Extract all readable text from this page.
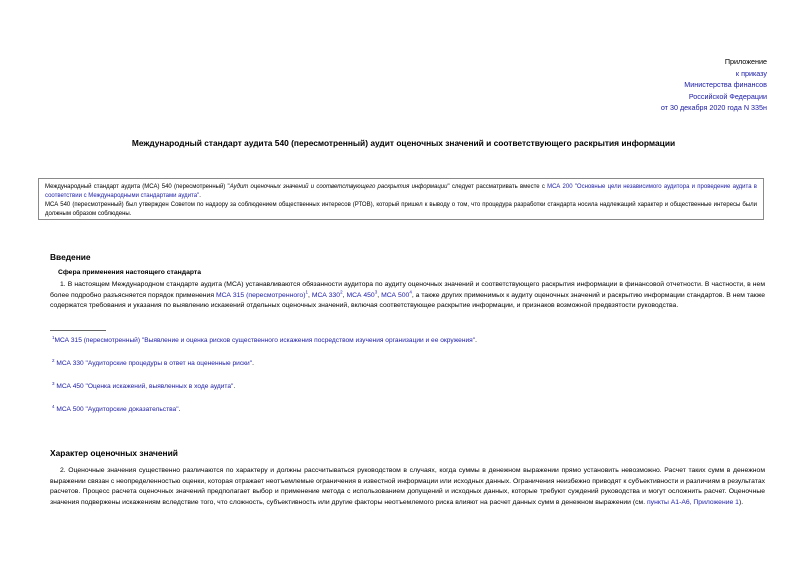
Приложение
к приказу
Министерства финансов
Российской Федерации
от 30 декабря 2020 года N 335н
Международный стандарт аудита 540 (пересмотренный) аудит оценочных значений и соответствующего раскрытия информации

Международный стандарт аудита (МСА) 540 (пересмотренный) "Аудит оценочных значений и соответствующего раскрытия информации" следует рассматривать вместе с МСА 200 "Основные цели независимого аудитора и проведение аудита в соответствии с Международными стандартами аудита".

МСА 540 (пересмотренный) был утвержден Советом по надзору за соблюдением общественных интересов (РТОВ), который пришел к выводу о том, что процедура разработки стандарта носила надлежащий характер и общественные интересы были должным образом соблюдены.

Введение
Сфера применения настоящего стандарта

1. В настоящем Международном стандарте аудита (МСА) устанавливаются обязанности аудитора по аудиту оценочных значений и соответствующего раскрытия информации в финансовой отчетности. В частности, в нем более подробно разъясняется порядок применения МСА 315 (пересмотренного)$^1$, МСА $330^2$, МСА $450^3$, МСА $500^4$, а также других применимых к аудиту оценочных значений и раскрытию информации стандартов. В нем также содержатся требования и указания по выявлению искажений отдельных оценочных значений, включая соответствующее раскрытие информации, и признаков возможной предвзятости руководства.

$^1$МСА 315 (пересмотренный) "Выявление и оценка рисков существенного искажения посредством изучения организации и ее окружения".
$^2$ МСА 330 "Аудиторские процедуры в ответ на оцененные риски".
$^3$ МСА 450 "Оценка искажений, выявленных в ходе аудита".
$^4$ МСА 500 "Аудиторские доказательства".
Характер оценочных значений

2. Оценочные значения существенно различаются по характеру и должны рассчитываться руководством в случаях, когда суммы в денежном выражении прямо установить невозможно. Расчет таких сумм в денежном выражении связан с неопределенностью оценки, которая отражает неотъемлемые ограничения в известной информации или исходных данных. Ограничения неизбежно приводят к субъективности и различиям в результатах расчетов. Процесс расчета оценочных значений предполагает выбор и применение метода с использованием допущений и исходных данных, которые требуют суждений руководства и могут осложнить расчет. Оценочные значения подвержены искажениям вследствие того, что сложность, субъективность или другие факторы неотъемлемого риска влияют на расчет данных сумм в денежном выражении (см. пункты A1-A6, Приложение 1).
